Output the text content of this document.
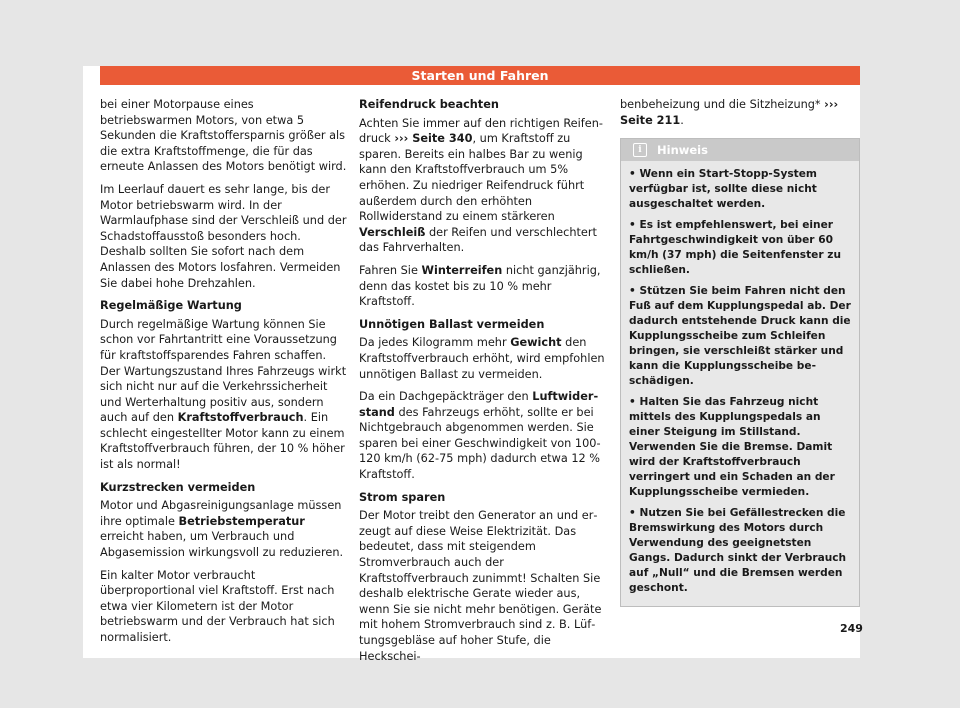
Starten und Fahren

bei einer Motorpause eines betriebswarmen Motors, von etwa 5 Sekunden die Kraftstoffersparnis größer als die extra Kraftstoffmenge, die für das erneute Anlassen des Motors benötigt wird.

Im Leerlauf dauert es sehr lange, bis der Motor betriebswarm wird. In der Warmlaufphase sind der Verschleiß und der Schadstoffausstoß besonders hoch. Deshalb sollten Sie sofort nach dem Anlassen des Motors losfahren. Vermeiden Sie dabei hohe Drehzahlen.

Regelmäßige Wartung

Durch regelmäßige Wartung können Sie schon vor Fahrtantritt eine Voraussetzung für kraftstoffsparendes Fahren schaffen. Der Wartungszustand Ihres Fahrzeugs wirkt sich nicht nur auf die Verkehrssicherheit und Werterhaltung positiv aus, sondern auch auf den Kraftstoffverbrauch. Ein schlecht eingestellter Motor kann zu einem Kraftstoffverbrauch führen, der 10 % höher ist als normal!

Kurzstrecken vermeiden

Motor und Abgasreinigungsanlage müssen ihre optimale Betriebstemperatur erreicht haben, um Verbrauch und Abgasemission wirkungsvoll zu reduzieren.

Ein kalter Motor verbraucht überproportional viel Kraftstoff. Erst nach etwa vier Kilometern ist der Motor betriebswarm und der Verbrauch hat sich normalisiert.

Reifendruck beachten

Achten Sie immer auf den richtigen Reifendruck ››› Seite 340, um Kraftstoff zu sparen. Bereits ein halbes Bar zu wenig kann den Kraftstoffverbrauch um 5% erhöhen. Zu niedriger Reifendruck führt außerdem durch den erhöhten Rollwiderstand zu einem stärkeren Verschleiß der Reifen und verschlechtert das Fahrverhalten.

Fahren Sie Winterreifen nicht ganzjährig, denn das kostet bis zu 10 % mehr Kraftstoff.

Unnötigen Ballast vermeiden

Da jedes Kilogramm mehr Gewicht den Kraftstoffverbrauch erhöht, wird empfohlen unnötigen Ballast zu vermeiden.

Da ein Dachgepäckträger den Luftwiderstand des Fahrzeugs erhöht, sollte er bei Nichtgebrauch abgenommen werden. Sie sparen bei einer Geschwindigkeit von 100-120 km/h (62-75 mph) dadurch etwa 12 % Kraftstoff.

Strom sparen

Der Motor treibt den Generator an und erzeugt auf diese Weise Elektrizität. Das bedeutet, dass mit steigendem Stromverbrauch auch der Kraftstoffverbrauch zunimmt! Schalten Sie deshalb elektrische Gerate wieder aus, wenn Sie sie nicht mehr benötigen. Geräte mit hohem Stromverbrauch sind z. B. Lüftungsgebläse auf hoher Stufe, die Heckschei-

benbeheizung und die Sitzheizung* ››› Seite 211.

i	Hinweis

• Wenn ein Start-Stopp-System verfügbar ist, sollte diese nicht ausgeschaltet werden.

• Es ist empfehlenswert, bei einer Fahrtgeschwindigkeit von über 60 km/h (37 mph) die Seitenfenster zu schließen.

• Stützen Sie beim Fahren nicht den Fuß auf dem Kupplungspedal ab. Der dadurch entstehende Druck kann die Kupplungsscheibe zum Schleifen bringen, sie verschleißt stärker und kann die Kupplungsscheibe beschädigen.

• Halten Sie das Fahrzeug nicht mittels des Kupplungspedals an einer Steigung im Stillstand. Verwenden Sie die Bremse. Damit wird der Kraftstoffverbrauch verringert und ein Schaden an der Kupplungsscheibe vermieden.

• Nutzen Sie bei Gefällestrecken die Bremswirkung des Motors durch Verwendung des geeignetsten Gangs. Dadurch sinkt der Verbrauch auf „Null“ und die Bremsen werden geschont.

249
